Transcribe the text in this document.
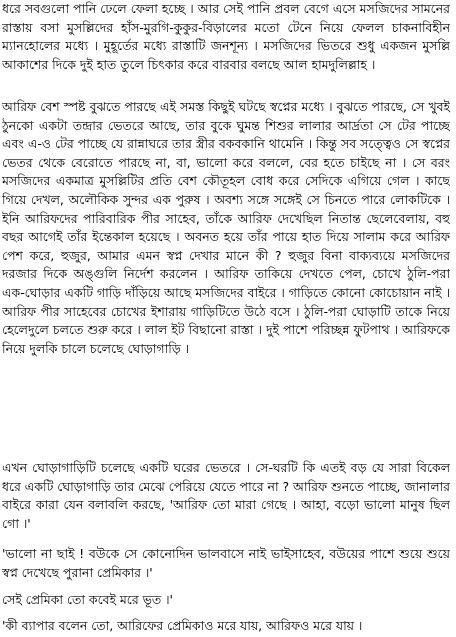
ধরে সবগুলো পানি ঢেলে ফেলা হচ্ছে । আর সেই পানি প্রবল বেগে এসে মসজিদের সামনের রাস্তায় বসা মুসল্লিদের হাঁস-মুরগি-কুকুর-বিড়ালের মতো টেনে নিয়ে ফেলল চাকনাবিহীন ম্যানহোলের মধ্যে । মুহূর্তের মধ্যে রাস্তাটি জনশূন্য । মসজিদের ভিতরে শুধু একজন মুসল্লি আকাশের দিকে দুই হাত তুলে চিৎকার করে বারবার বলছে আল হামদুলিল্লাহ ।

আরিফ বেশ স্পষ্ট বুঝতে পারছে এই সমস্ত কিছুই ঘটছে স্বপ্নের মধ্যে । বুঝতে পারছে, সে খুবই ঠুনকো একটা তন্দ্রার ভেতরে আছে, তার বুকে ঘুমন্ত শিশুর লালার আর্দ্রতা সে টের পাচ্ছে এবং এ-ও টের পাচ্ছে যে রান্নাঘরে তার স্ত্রীর বকবকানি থামেনি । কিন্তু সব সত্ত্বেও সে স্বপ্নের ভেতর থেকে বেরোতে পারছে না, বা, ভালো করে বললে, বের হতে চাইছে না । সে বরং মসজিদের একমাত্র মুসল্লিটির প্রতি বেশ কৌতূহল বোধ করে সেদিকে এগিয়ে গেল । কাছে গিয়ে দেখল, অলৌকিক সুন্দর এক পুরুষ । অবশ্য সঙ্গে সঙ্গেই সে চিনতে পারে লোকটিকে । ইনি আরিফদের পারিবারিক পীর সাহেব, তাঁকে আরিফ দেখেছিল নিতান্ত ছেলেবেলায়, বহু বছর আগেই তাঁর ইন্তেকাল হয়েছে । অবনত হয়ে তাঁর পায়ে হাত দিয়ে সালাম করে আরিফ পেশ করে, হুজুর, আমার এমন স্বপ্ন দেখার মানে কী ? হুজুর বিনা বাক্যব্যয়ে মসজিদের দরজার দিকে অঙ্গুলি নির্দেশ করলেন । আরিফ তাকিয়ে দেখতে পেল, চোখে ঠুলি-পরা এক-ঘোড়ার একটি গাড়ি দাঁড়িয়ে আছে মসজিদের বাইরে । গাড়িতে কোনো কোচোয়ান নাই । আরিফ পীর সাহেবের চোখের ইশারায় গাড়িটিতে উঠে বসে । ঠুলি-পরা ঘোড়াটি তাকে নিয়ে হেলেদুলে চলতে শুরু করে । লাল ইট বিছানো রাস্তা । দুই পাশে পরিচ্ছন্ন ফুটপাথ । আরিফকে নিয়ে দুলকি চালে চলেছে ঘোড়াগাড়ি ।

এখন ঘোড়াগাড়িটি চলেছে একটি ঘরের ভেতরে । সে-ঘরটি কি এতই বড় যে সারা বিকেল ধরে একটি ঘোড়াগাড়ি তার মেঝে পেরিয়ে যেতে পারে না ? আরিফ শুনতে পাচ্ছে, জানালার বাইরে কারা যেন বলাবলি করছে, 'আরিফ তো মারা গেছে । আহা, বড়ো ভালো মানুষ ছিল গো ।'

'ভালো না ছাই ! বউকে সে কোনোদিন ভালবাসে নাই ভাইসাহেব, বউয়ের পাশে শুয়ে শুয়ে স্বপ্ন দেখেছে পুরানা প্রেমিকার ।'

সেই প্রেমিকা তো কবেই মরে ভূত ।'

'কী ব্যাপার বলেন তো, আরিফের প্রেমিকাও মরে যায়, আরিফও মরে যায় ।
